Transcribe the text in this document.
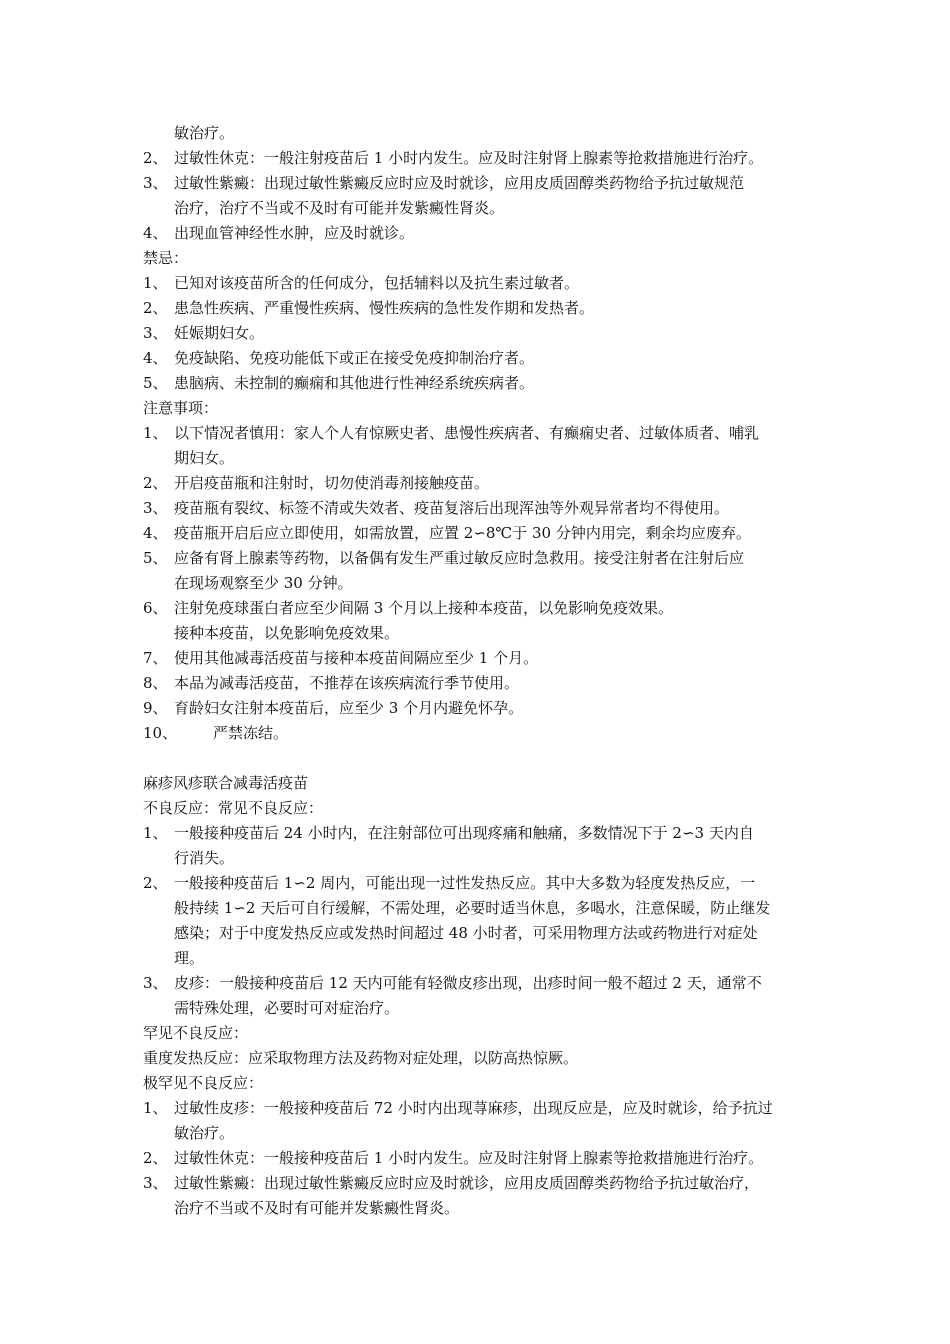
敏治疗。
2、 过敏性休克：一般注射疫苗后 1 小时内发生。应及时注射肾上腺素等抢救措施进行治疗。
3、 过敏性紫癜：出现过敏性紫癜反应时应及时就诊，应用皮质固醇类药物给予抗过敏规范
治疗，治疗不当或不及时有可能并发紫癜性肾炎。
4、 出现血管神经性水肿，应及时就诊。
禁忌：
1、 已知对该疫苗所含的任何成分，包括辅料以及抗生素过敏者。
2、 患急性疾病、严重慢性疾病、慢性疾病的急性发作期和发热者。
3、 妊娠期妇女。
4、 免疫缺陷、免疫功能低下或正在接受免疫抑制治疗者。
5、 患脑病、未控制的癫痫和其他进行性神经系统疾病者。
注意事项：
1、 以下情况者慎用：家人个人有惊厥史者、患慢性疾病者、有癫痫史者、过敏体质者、哺乳
期妇女。
2、 开启疫苗瓶和注射时，切勿使消毒剂接触疫苗。
3、 疫苗瓶有裂纹、标签不清或失效者、疫苗复溶后出现浑浊等外观异常者均不得使用。
4、 疫苗瓶开启后应立即使用，如需放置，应置 2∽8℃于 30 分钟内用完，剩余均应废弃。
5、 应备有肾上腺素等药物，以备偶有发生严重过敏反应时急救用。接受注射者在注射后应
在现场观察至少 30 分钟。
6、 注射免疫球蛋白者应至少间隔 3 个月以上接种本疫苗，以免影响免疫效果。
接种本疫苗，以免影响免疫效果。
7、 使用其他减毒活疫苗与接种本疫苗间隔应至少 1 个月。
8、 本品为减毒活疫苗，不推荐在该疾病流行季节使用。
9、 育龄妇女注射本疫苗后，应至少 3 个月内避免怀孕。
10、	严禁冻结。
麻疹风疹联合减毒活疫苗
不良反应：常见不良反应：
1、 一般接种疫苗后 24 小时内，在注射部位可出现疼痛和触痛，多数情况下于 2∽3 天内自
行消失。
2、 一般接种疫苗后 1∽2 周内，可能出现一过性发热反应。其中大多数为轻度发热反应，一
般持续 1∽2 天后可自行缓解，不需处理，必要时适当休息，多喝水，注意保暖，防止继发
感染；对于中度发热反应或发热时间超过 48 小时者，可采用物理方法或药物进行对症处
理。
3、 皮疹：一般接种疫苗后 12 天内可能有轻微皮疹出现，出疹时间一般不超过 2 天，通常不
需特殊处理，必要时可对症治疗。
罕见不良反应：
重度发热反应：应采取物理方法及药物对症处理，以防高热惊厥。
极罕见不良反应：
1、 过敏性皮疹：一般接种疫苗后 72 小时内出现荨麻疹，出现反应是，应及时就诊，给予抗过
敏治疗。
2、 过敏性休克：一般接种疫苗后 1 小时内发生。应及时注射肾上腺素等抢救措施进行治疗。
3、 过敏性紫癜：出现过敏性紫癜反应时应及时就诊，应用皮质固醇类药物给予抗过敏治疗，
治疗不当或不及时有可能并发紫癜性肾炎。
